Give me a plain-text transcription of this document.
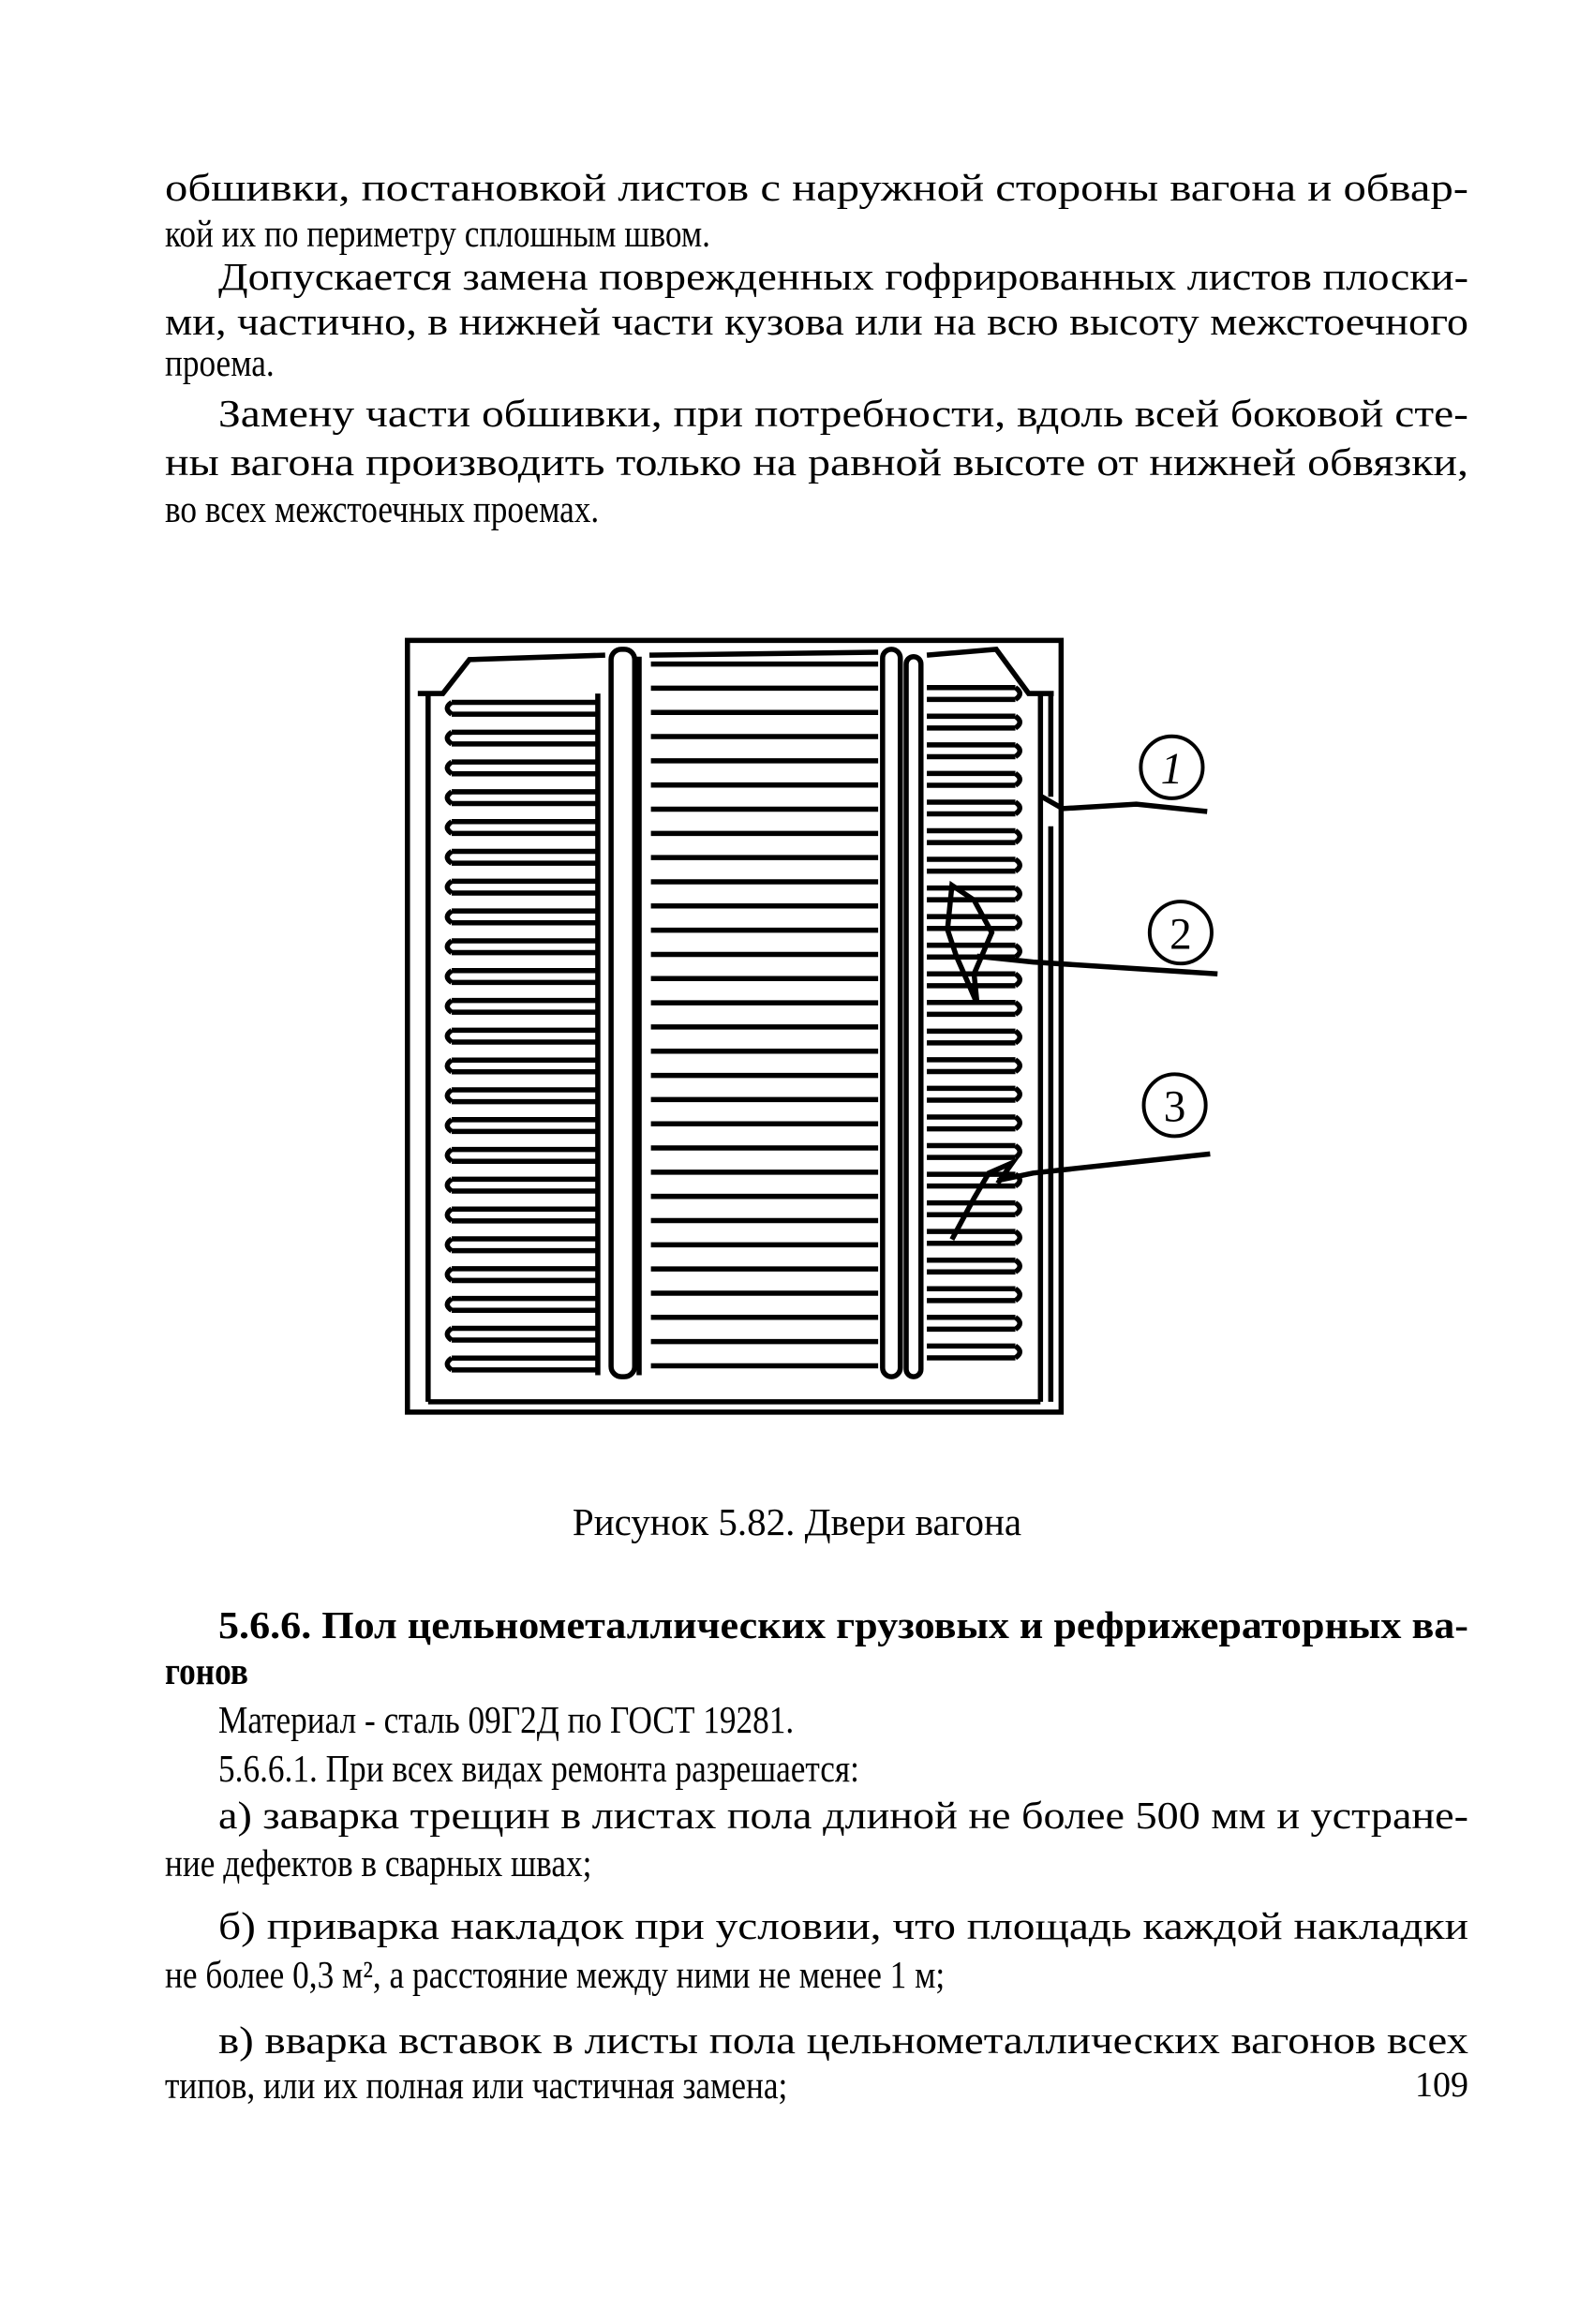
обшивки, постановкой листов с наружной стороны вагона и обвар-
кой их по периметру сплошным швом.
Допускается замена поврежденных гофрированных листов плоски-
ми, частично, в нижней части кузова или на всю высоту межстоечного
проема.
Замену части обшивки, при потребности, вдоль всей боковой сте-
ны вагона производить только на равной высоте от нижней обвязки,
во всех межстоечных проемах.
1
2
3
Рисунок 5.82. Двери вагона
5.6.6. Пол цельнометаллических грузовых и рефрижераторных ва-
гонов
Материал - сталь 09Г2Д по ГОСТ 19281.
5.6.6.1. При всех видах ремонта разрешается:
а) заварка трещин в листах пола длиной не более 500 мм и устране-
ние дефектов в сварных швах;
б) приварка накладок при условии, что площадь каждой накладки
не более 0,3 м², а расстояние между ними не менее 1 м;
в) вварка вставок в листы пола цельнометаллических вагонов всех
типов, или их полная или частичная замена;	109
